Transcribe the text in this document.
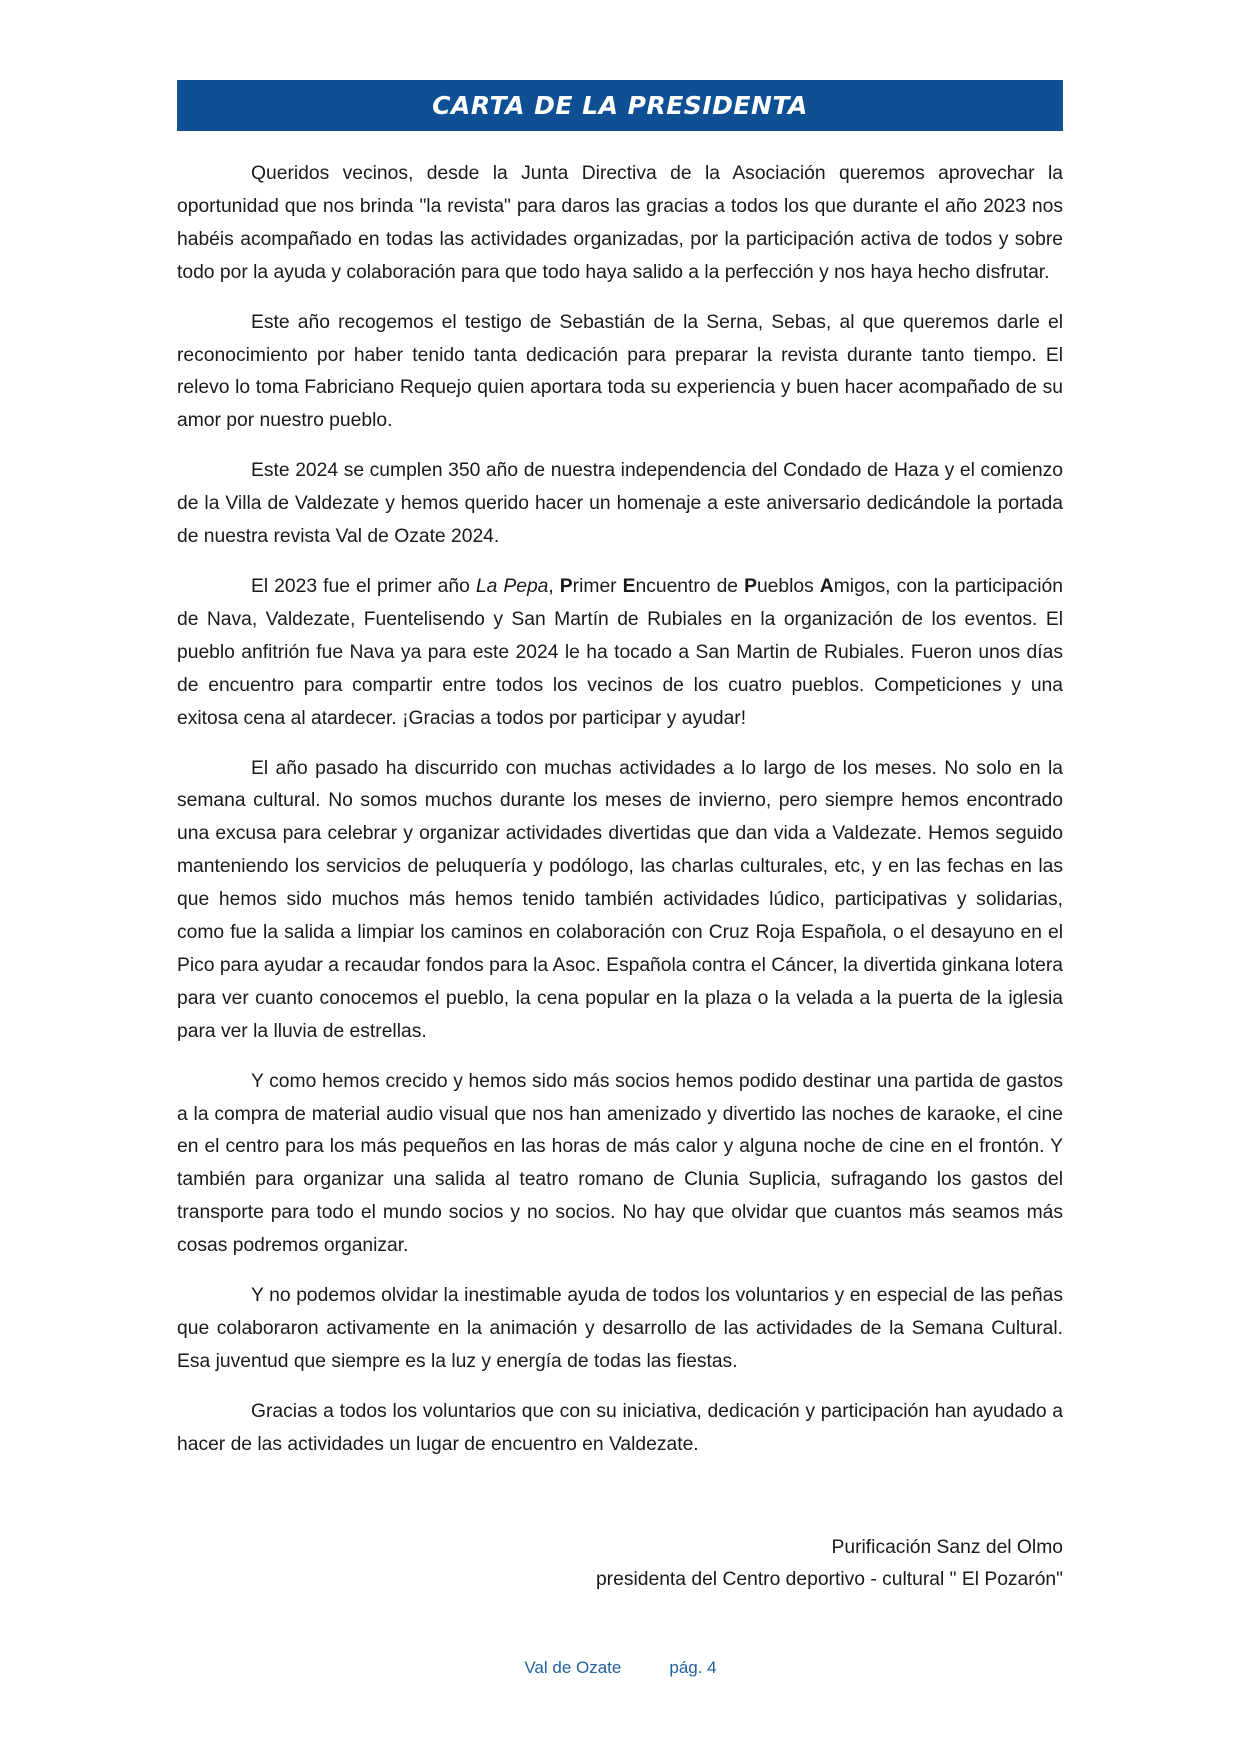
CARTA DE LA PRESIDENTA

Queridos vecinos, desde la Junta Directiva de la Asociación queremos aprovechar la oportunidad que nos brinda "la revista" para daros las gracias a todos los que durante el año 2023 nos habéis acompañado en todas las actividades organizadas, por la participación activa de todos y sobre todo por la ayuda y colaboración para que todo haya salido a la perfección y nos haya hecho disfrutar.

Este año recogemos el testigo de Sebastián de la Serna, Sebas, al que queremos darle el reconocimiento por haber tenido tanta dedicación para preparar la revista durante tanto tiempo. El relevo lo toma Fabriciano Requejo quien aportara toda su experiencia y buen hacer acompañado de su amor por nuestro pueblo.

Este 2024 se cumplen 350 año de nuestra independencia del Condado de Haza y el comienzo de la Villa de Valdezate y hemos querido hacer un homenaje a este aniversario dedicándole la portada de nuestra revista Val de Ozate 2024.

El 2023 fue el primer año La Pepa, Primer Encuentro de Pueblos Amigos, con la participación de Nava, Valdezate, Fuentelisendo y San Martín de Rubiales en la organización de los eventos. El pueblo anfitrión fue Nava ya para este 2024 le ha tocado a San Martin de Rubiales. Fueron unos días de encuentro para compartir entre todos los vecinos de los cuatro pueblos. Competiciones y una exitosa cena al atardecer. ¡Gracias a todos por participar y ayudar!

El año pasado ha discurrido con muchas actividades a lo largo de los meses. No solo en la semana cultural. No somos muchos durante los meses de invierno, pero siempre hemos encontrado una excusa para celebrar y organizar actividades divertidas que dan vida a Valdezate. Hemos seguido manteniendo los servicios de peluquería y podólogo, las charlas culturales, etc, y en las fechas en las que hemos sido muchos más hemos tenido también actividades lúdico, participativas y solidarias, como fue la salida a limpiar los caminos en colaboración con Cruz Roja Española, o el desayuno en el Pico para ayudar a recaudar fondos para la Asoc. Española contra el Cáncer, la divertida ginkana lotera para ver cuanto conocemos el pueblo, la cena popular en la plaza o la velada a la puerta de la iglesia para ver la lluvia de estrellas.

Y como hemos crecido y hemos sido más socios hemos podido destinar una partida de gastos a la compra de material audio visual que nos han amenizado y divertido las noches de karaoke, el cine en el centro para los más pequeños en las horas de más calor y alguna noche de cine en el frontón. Y también para organizar una salida al teatro romano de Clunia Suplicia, sufragando los gastos del transporte para todo el mundo socios y no socios. No hay que olvidar que cuantos más seamos más cosas podremos organizar.

Y no podemos olvidar la inestimable ayuda de todos los voluntarios y en especial de las peñas que colaboraron activamente en la animación y desarrollo de las actividades de la Semana Cultural. Esa juventud que siempre es la luz y energía de todas las fiestas.

Gracias a todos los voluntarios que con su iniciativa, dedicación y participación han ayudado a hacer de las actividades un lugar de encuentro en Valdezate.

Purificación Sanz del Olmo
presidenta del Centro deportivo - cultural " El Pozarón"
Val de Ozate	pág. 4
